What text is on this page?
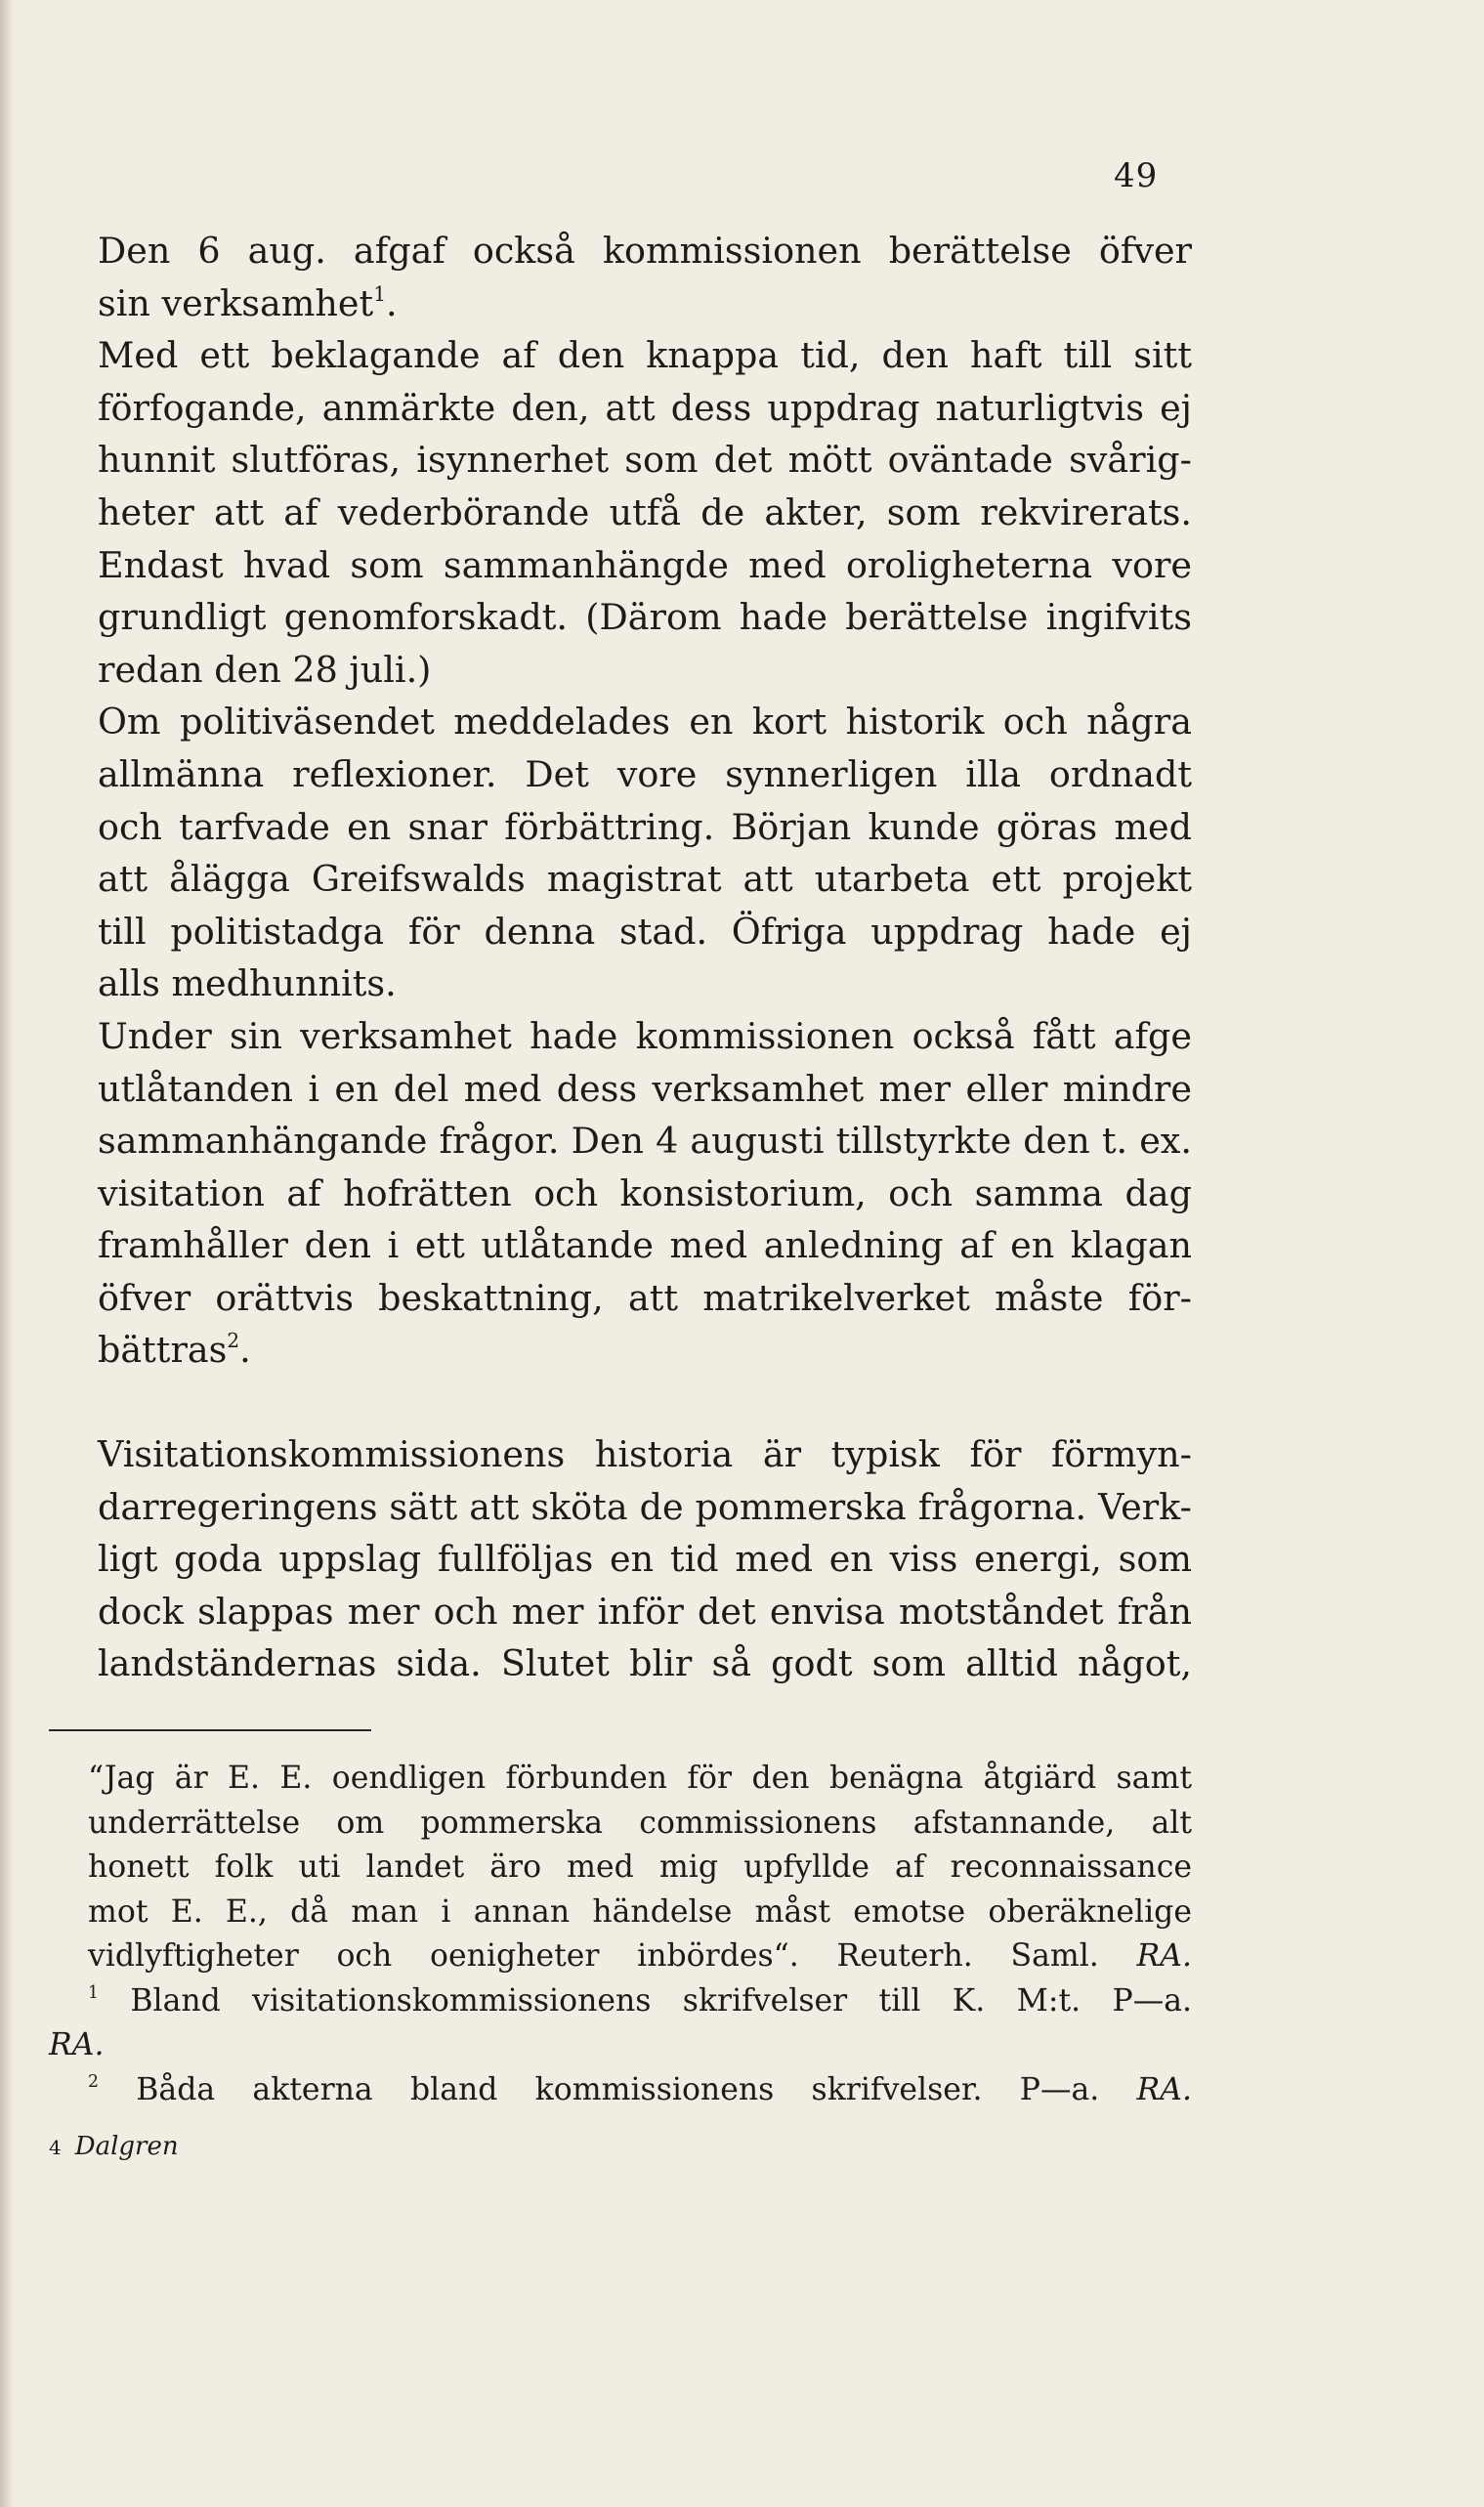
49

Den 6 aug. afgaf också kommissionen berättelse öfver
sin verksamhet$^1$.

Med ett beklagande af den knappa tid, den haft till sitt
förfogande, anmärkte den, att dess uppdrag naturligtvis ej
hunnit slutföras, isynnerhet som det mött oväntade svårig-
heter att af vederbörande utfå de akter, som rekvirerats.
Endast hvad som sammanhängde med oroligheterna vore
grundligt genomforskadt. (Därom hade berättelse ingifvits
redan den 28 juli.)

Om politiväsendet meddelades en kort historik och några
allmänna reflexioner. Det vore synnerligen illa ordnadt
och tarfvade en snar förbättring. Början kunde göras med
att ålägga Greifswalds magistrat att utarbeta ett projekt
till politistadga för denna stad. Öfriga uppdrag hade ej
alls medhunnits.

Under sin verksamhet hade kommissionen också fått afge
utlåtanden i en del med dess verksamhet mer eller mindre
sammanhängande frågor. Den 4 augusti tillstyrkte den t. ex.
visitation af hofrätten och konsistorium, och samma dag
framhåller den i ett utlåtande med anledning af en klagan
öfver orättvis beskattning, att matrikelverket måste för-
bättras$^2$.

Visitationskommissionens historia är typisk för förmyn-
darregeringens sätt att sköta de pommerska frågorna. Verk-
ligt goda uppslag fullföljas en tid med en viss energi, som
dock slappas mer och mer inför det envisa motståndet från
landständernas sida. Slutet blir så godt som alltid något,

“Jag är E. E. oendligen förbunden för den benägna åtgiärd samt
underrättelse om pommerska commissionens afstannande, alt
honett folk uti landet äro med mig upfyllde af reconnaissance
mot E. E., då man i annan händelse måst emotse oberäknelige
vidlyftigheter och oenigheter inbördes“. Reuterh. Saml. RA.

$^1$ Bland visitationskommissionens skrifvelser till K. M:t. P—a.

RA.

$^2$ Båda akterna bland kommissionens skrifvelser. P—a. RA.

4 Dalgren
